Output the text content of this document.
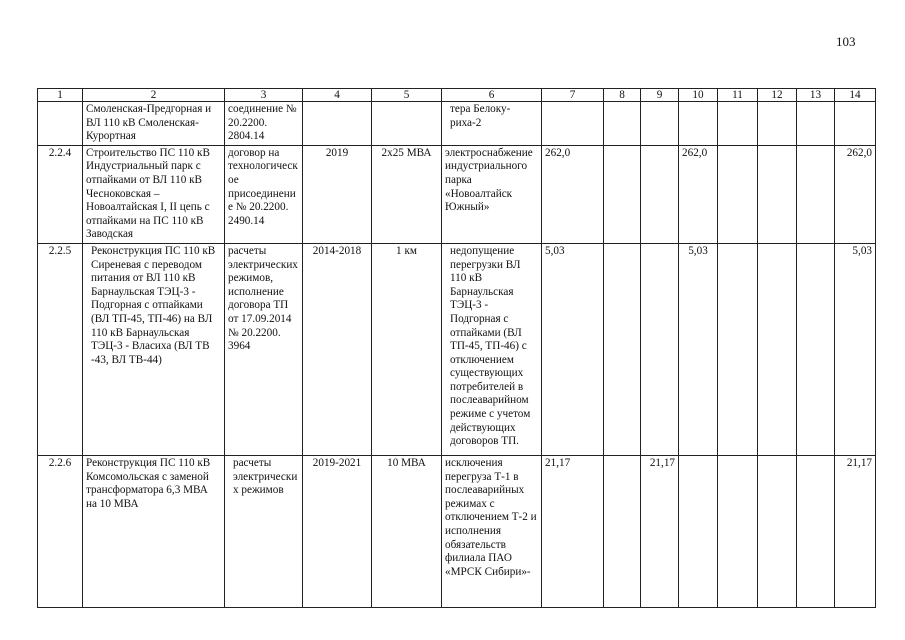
103
1	2	3	4	5	6	7	8	9	10	11	12	13	14
	Смоленская-Предгорная и ВЛ 110 кВ Смоленская-Курортная	соединение № 20.2200. 2804.14			тера Белоку-риха-2								
2.2.4	Строительство ПС 110 кВ Индустриальный парк с отпайками от ВЛ 110 кВ Чесноковская – Новоалтайская I, II цепь с отпайками на ПС 110 кВ Заводская	договор на технологическое присоединение № 20.2200. 2490.14	2019	2х25 МВА	электроснабжение индустриального парка «Новоалтайск Южный»	262,0			262,0				262,0
2.2.5	Реконструкция ПС 110 кВ Сиреневая с переводом питания от ВЛ 110 кВ Барнаульская ТЭЦ-3 - Подгорная с отпайками (ВЛ ТП-45, ТП-46) на ВЛ 110 кВ Барнаульская ТЭЦ-3 - Власиха (ВЛ ТВ -43, ВЛ ТВ-44)	расчеты электрических режимов, исполнение договора ТП от 17.09.2014 № 20.2200. 3964	2014-2018	1 км	недопущение перегрузки ВЛ 110 кВ Барнаульская ТЭЦ-3 - Подгорная с отпайками (ВЛ ТП-45, ТП-46) с отключением существующих потребителей в послеаварийном режиме с учетом действующих договоров ТП.	5,03			5,03				5,03
2.2.6	Реконструкция ПС 110 кВ Комсомольская с заменой трансформатора 6,3 МВА на 10 МВА	расчеты электрических режимов	2019-2021	10 МВА	исключения перегруза Т-1 в послеаварийных режимах с отключением Т-2 и исполнения обязательств филиала ПАО «МРСК Сибири»-	21,17		21,17					21,17
